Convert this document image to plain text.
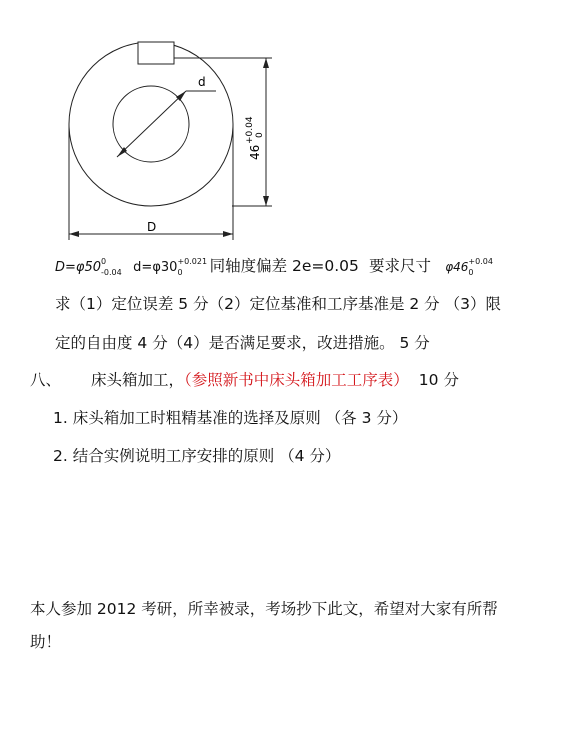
d
46
+0.04 0
D
D=φ50 0
-0.04 d=φ30 +0.021
0 同轴度偏差 2e=0.05 要求尺寸 φ46 +0.04
0
求（1）定位误差 5 分（2）定位基准和工序基准是 2 分 （3）限
定的自由度 4 分（4）是否满足要求，改进措施。 5 分
八、 床头箱加工，（参照新书中床头箱加工工序表） 10 分
1. 床头箱加工时粗精基准的选择及原则 （各 3 分）
2. 结合实例说明工序安排的原则 （4 分）
本人参加 2012 考研，所幸被录，考场抄下此文，希望对大家有所帮
助！
